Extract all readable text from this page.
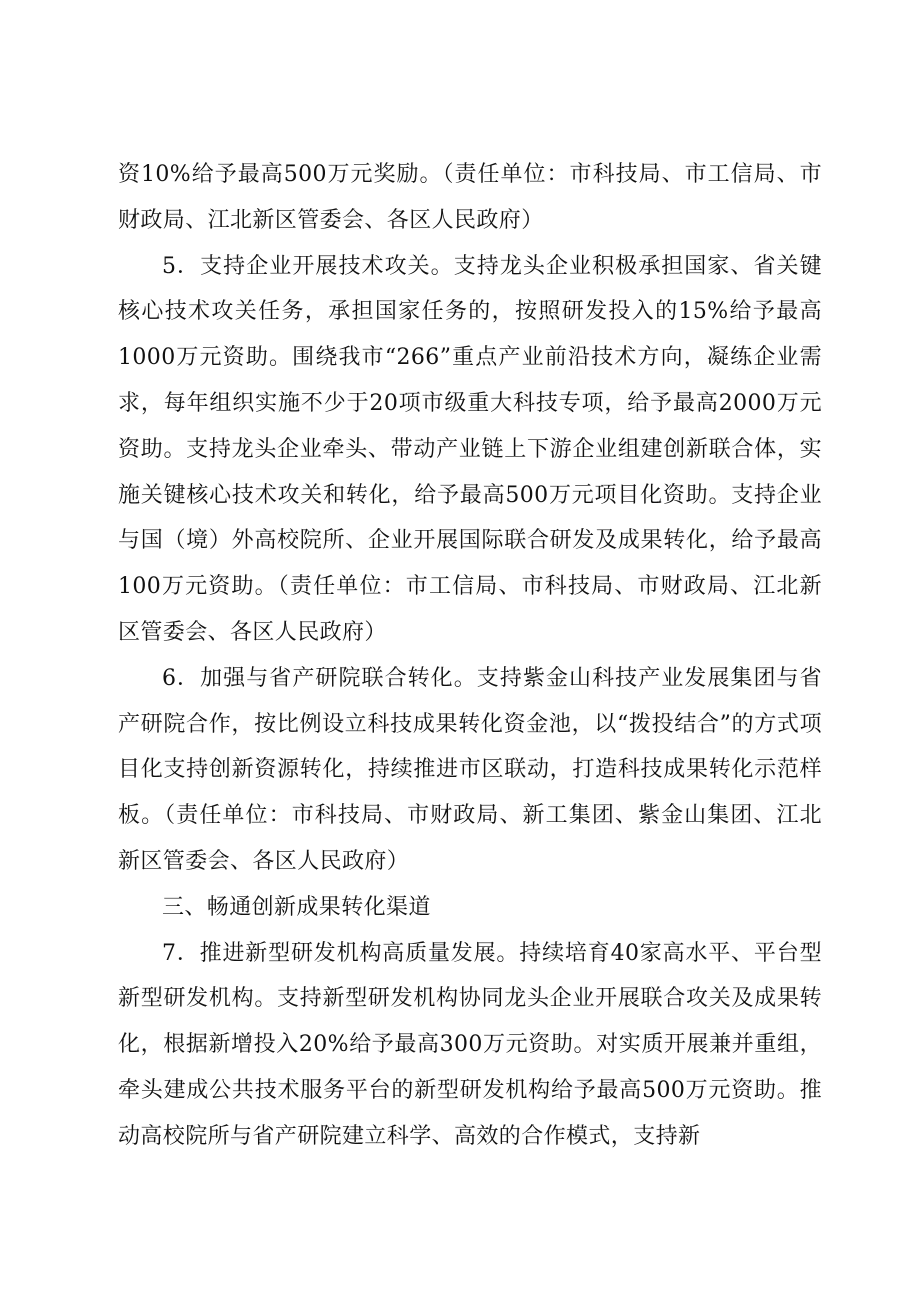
资10%给予最高500万元奖励。（责任单位：市科技局、市工信局、市财政局、江北新区管委会、各区人民政府）

5．支持企业开展技术攻关。支持龙头企业积极承担国家、省关键核心技术攻关任务，承担国家任务的，按照研发投入的15%给予最高1000万元资助。围绕我市“266”重点产业前沿技术方向，凝练企业需求，每年组织实施不少于20项市级重大科技专项，给予最高2000万元资助。支持龙头企业牵头、带动产业链上下游企业组建创新联合体，实施关键核心技术攻关和转化，给予最高500万元项目化资助。支持企业与国（境）外高校院所、企业开展国际联合研发及成果转化，给予最高100万元资助。（责任单位：市工信局、市科技局、市财政局、江北新区管委会、各区人民政府）

6．加强与省产研院联合转化。支持紫金山科技产业发展集团与省产研院合作，按比例设立科技成果转化资金池，以“拨投结合”的方式项目化支持创新资源转化，持续推进市区联动，打造科技成果转化示范样板。（责任单位：市科技局、市财政局、新工集团、紫金山集团、江北新区管委会、各区人民政府）

三、畅通创新成果转化渠道

7．推进新型研发机构高质量发展。持续培育40家高水平、平台型新型研发机构。支持新型研发机构协同龙头企业开展联合攻关及成果转化，根据新增投入20%给予最高300万元资助。对实质开展兼并重组，牵头建成公共技术服务平台的新型研发机构给予最高500万元资助。推动高校院所与省产研院建立科学、高效的合作模式，支持新
